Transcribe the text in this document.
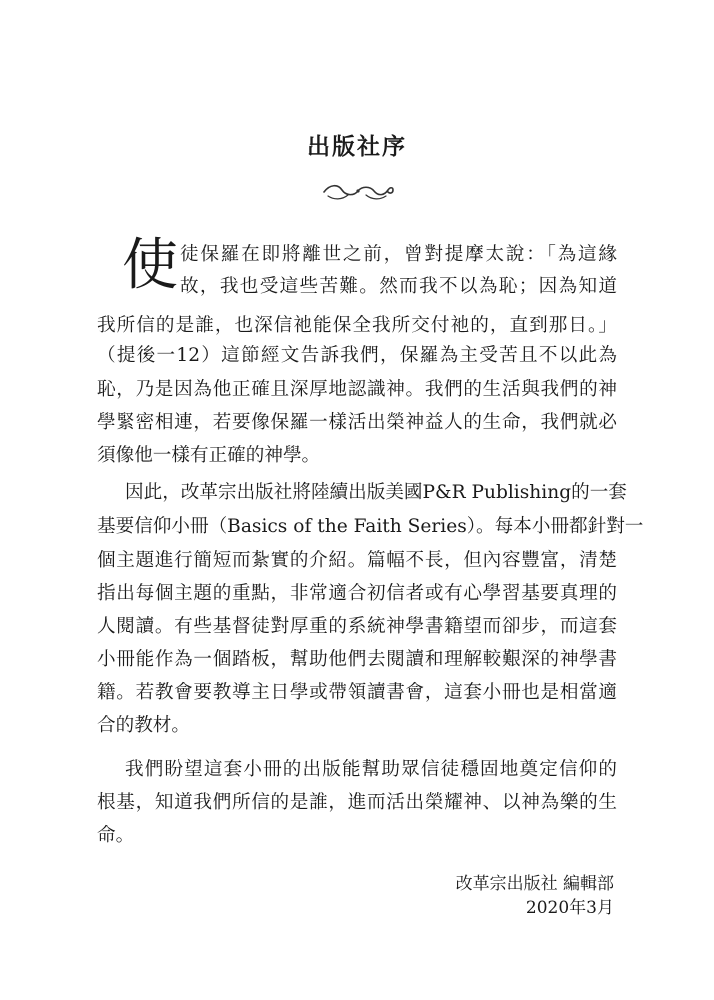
出版社序
使 徒保羅在即將離世之前，曾對提摩太說：「為這緣
故，我也受這些苦難。然而我不以為恥；因為知道
我所信的是誰，也深信祂能保全我所交付祂的，直到那日。」
（提後一12）這節經文告訴我們，保羅為主受苦且不以此為
恥，乃是因為他正確且深厚地認識神。我們的生活與我們的神
學緊密相連，若要像保羅一樣活出榮神益人的生命，我們就必
須像他一樣有正確的神學。
因此，改革宗出版社將陸續出版美國P&R Publishing的一套
基要信仰小冊（Basics of the Faith Series）。每本小冊都針對一
個主題進行簡短而紮實的介紹。篇幅不長，但內容豐富，清楚
指出每個主題的重點，非常適合初信者或有心學習基要真理的
人閱讀。有些基督徒對厚重的系統神學書籍望而卻步，而這套
小冊能作為一個踏板，幫助他們去閱讀和理解較艱深的神學書
籍。若教會要教導主日學或帶領讀書會，這套小冊也是相當適
合的教材。
我們盼望這套小冊的出版能幫助眾信徒穩固地奠定信仰的
根基，知道我們所信的是誰，進而活出榮耀神、以神為樂的生
命。
改革宗出版社 編輯部
2020年3月
